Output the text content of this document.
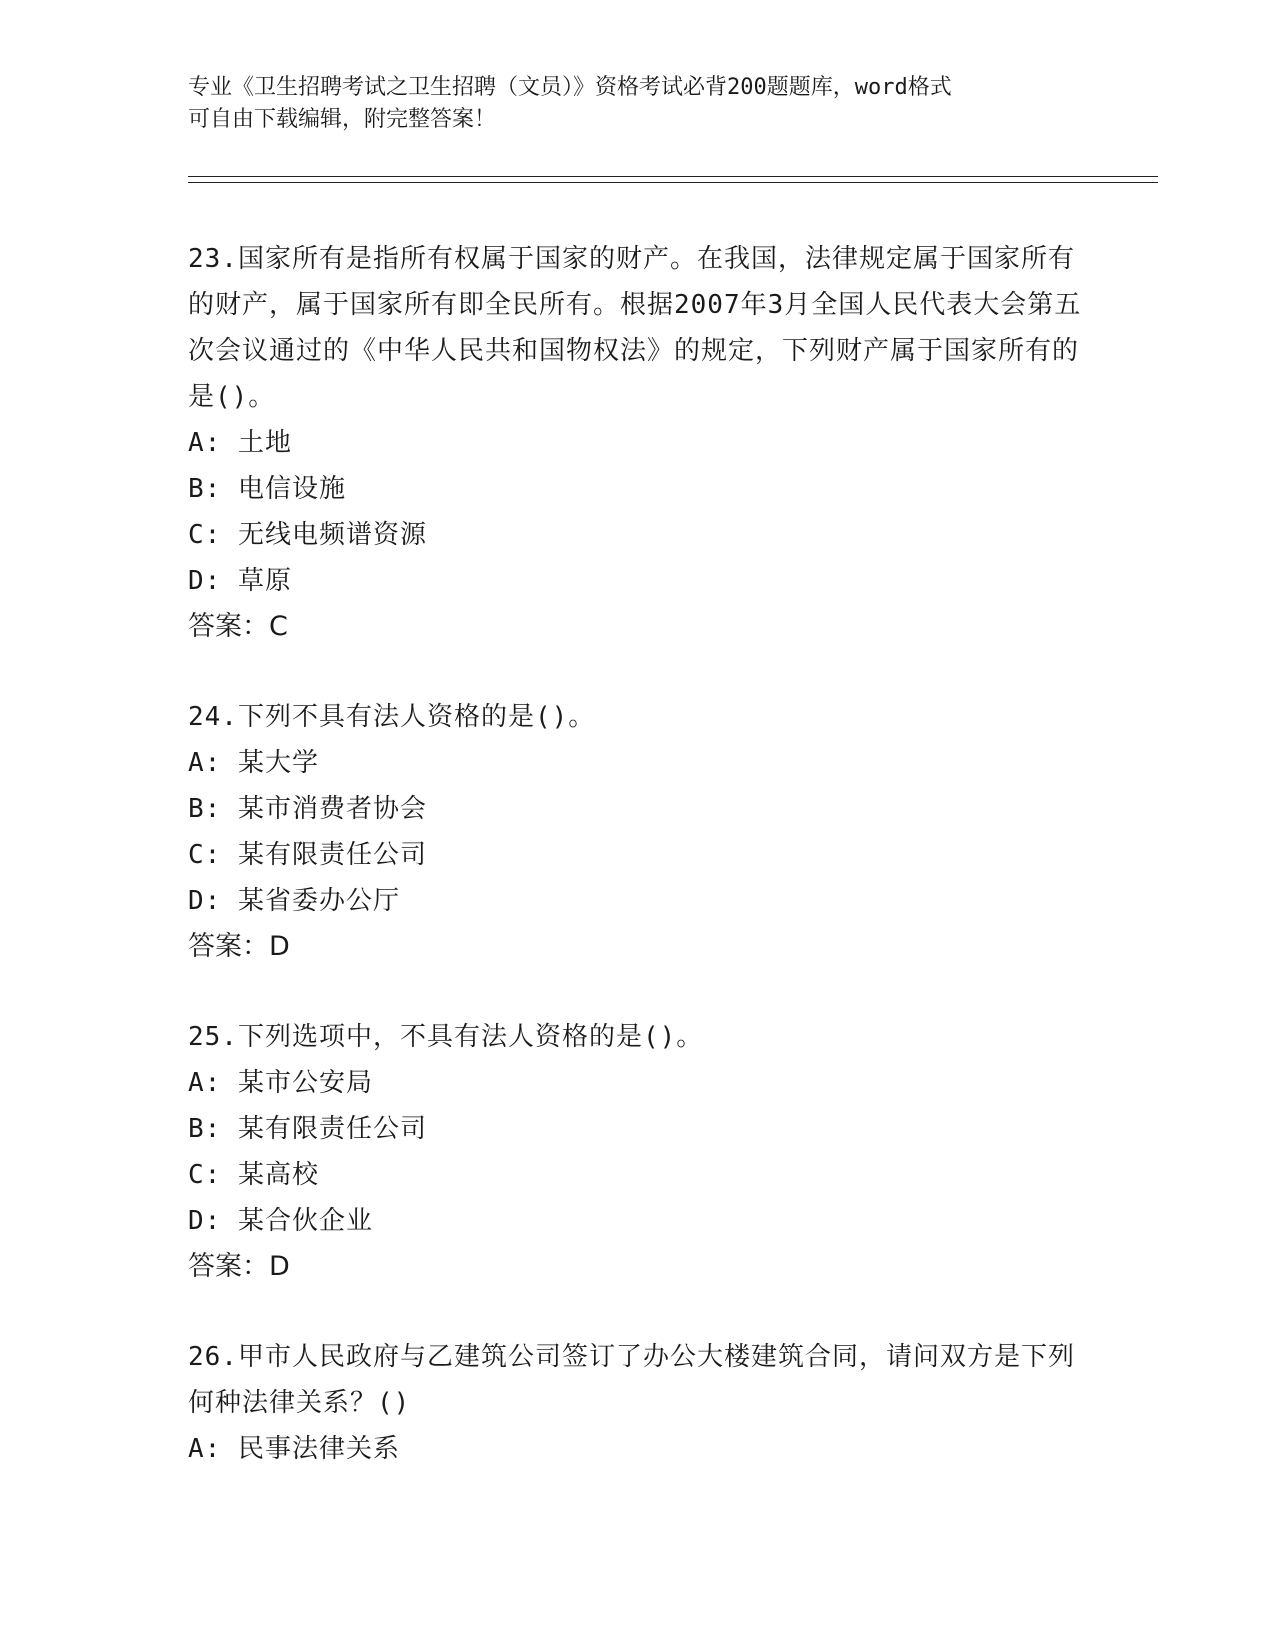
专业《卫生招聘考试之卫生招聘（文员）》资格考试必背200题题库，word格式
可自由下载编辑，附完整答案！
23.国家所有是指所有权属于国家的财产。在我国，法律规定属于国家所有的财产，属于国家所有即全民所有。根据2007年3月全国人民代表大会第五次会议通过的《中华人民共和国物权法》的规定，下列财产属于国家所有的是()。
A: 土地
B: 电信设施
C: 无线电频谱资源
D: 草原
答案：C
24.下列不具有法人资格的是()。
A: 某大学
B: 某市消费者协会
C: 某有限责任公司
D: 某省委办公厅
答案：D
25.下列选项中，不具有法人资格的是()。
A: 某市公安局
B: 某有限责任公司
C: 某高校
D: 某合伙企业
答案：D
26.甲市人民政府与乙建筑公司签订了办公大楼建筑合同，请问双方是下列何种法律关系？()
A: 民事法律关系
